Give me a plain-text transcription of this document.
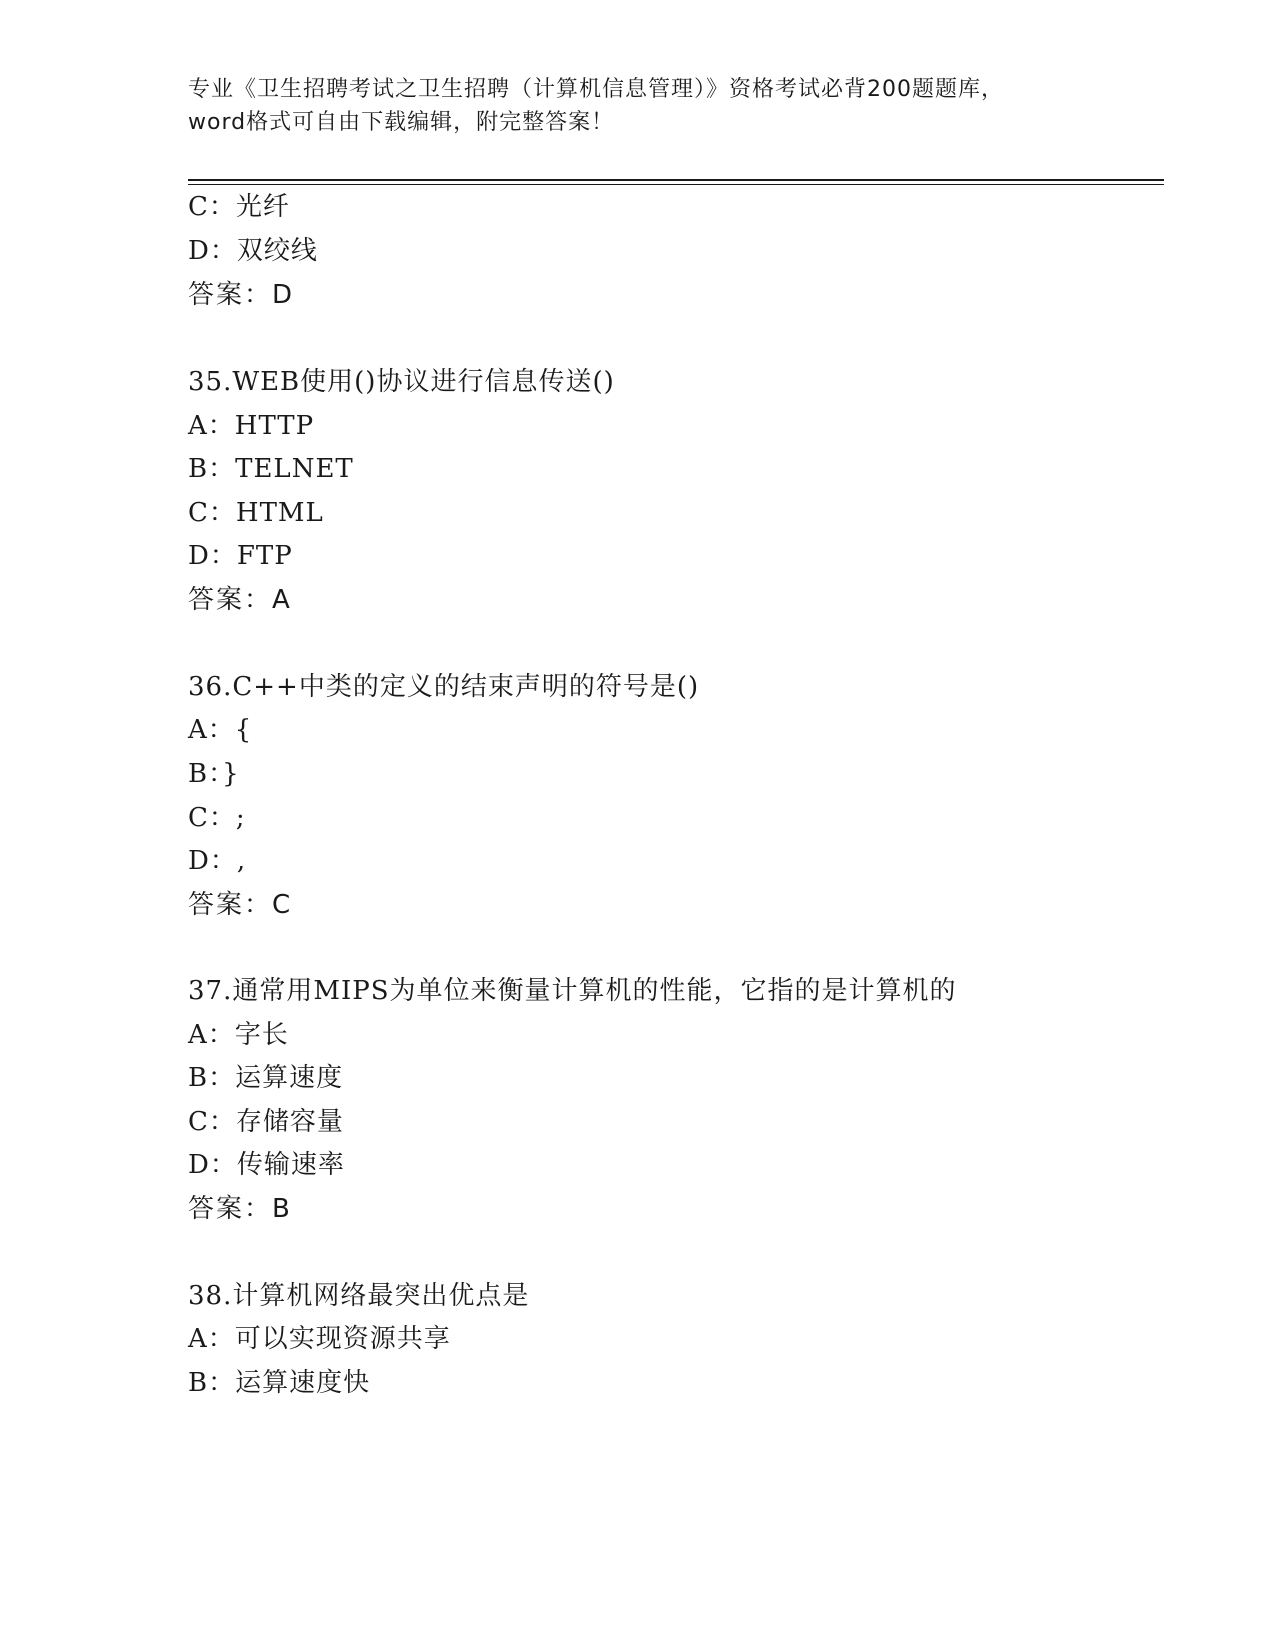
专业《卫生招聘考试之卫生招聘（计算机信息管理）》资格考试必背200题题库，
word格式可自由下载编辑，附完整答案！
C：光纤
D：双绞线
答案：D
35.WEB使用()协议进行信息传送()
A：HTTP
B：TELNET
C：HTML
D：FTP
答案：A
36.C++中类的定义的结束声明的符号是()
A：{
B：}
C：;
D：,
答案：C
37.通常用MIPS为单位来衡量计算机的性能，它指的是计算机的
A：字长
B：运算速度
C：存储容量
D：传输速率
答案：B
38.计算机网络最突出优点是
A：可以实现资源共享
B：运算速度快
